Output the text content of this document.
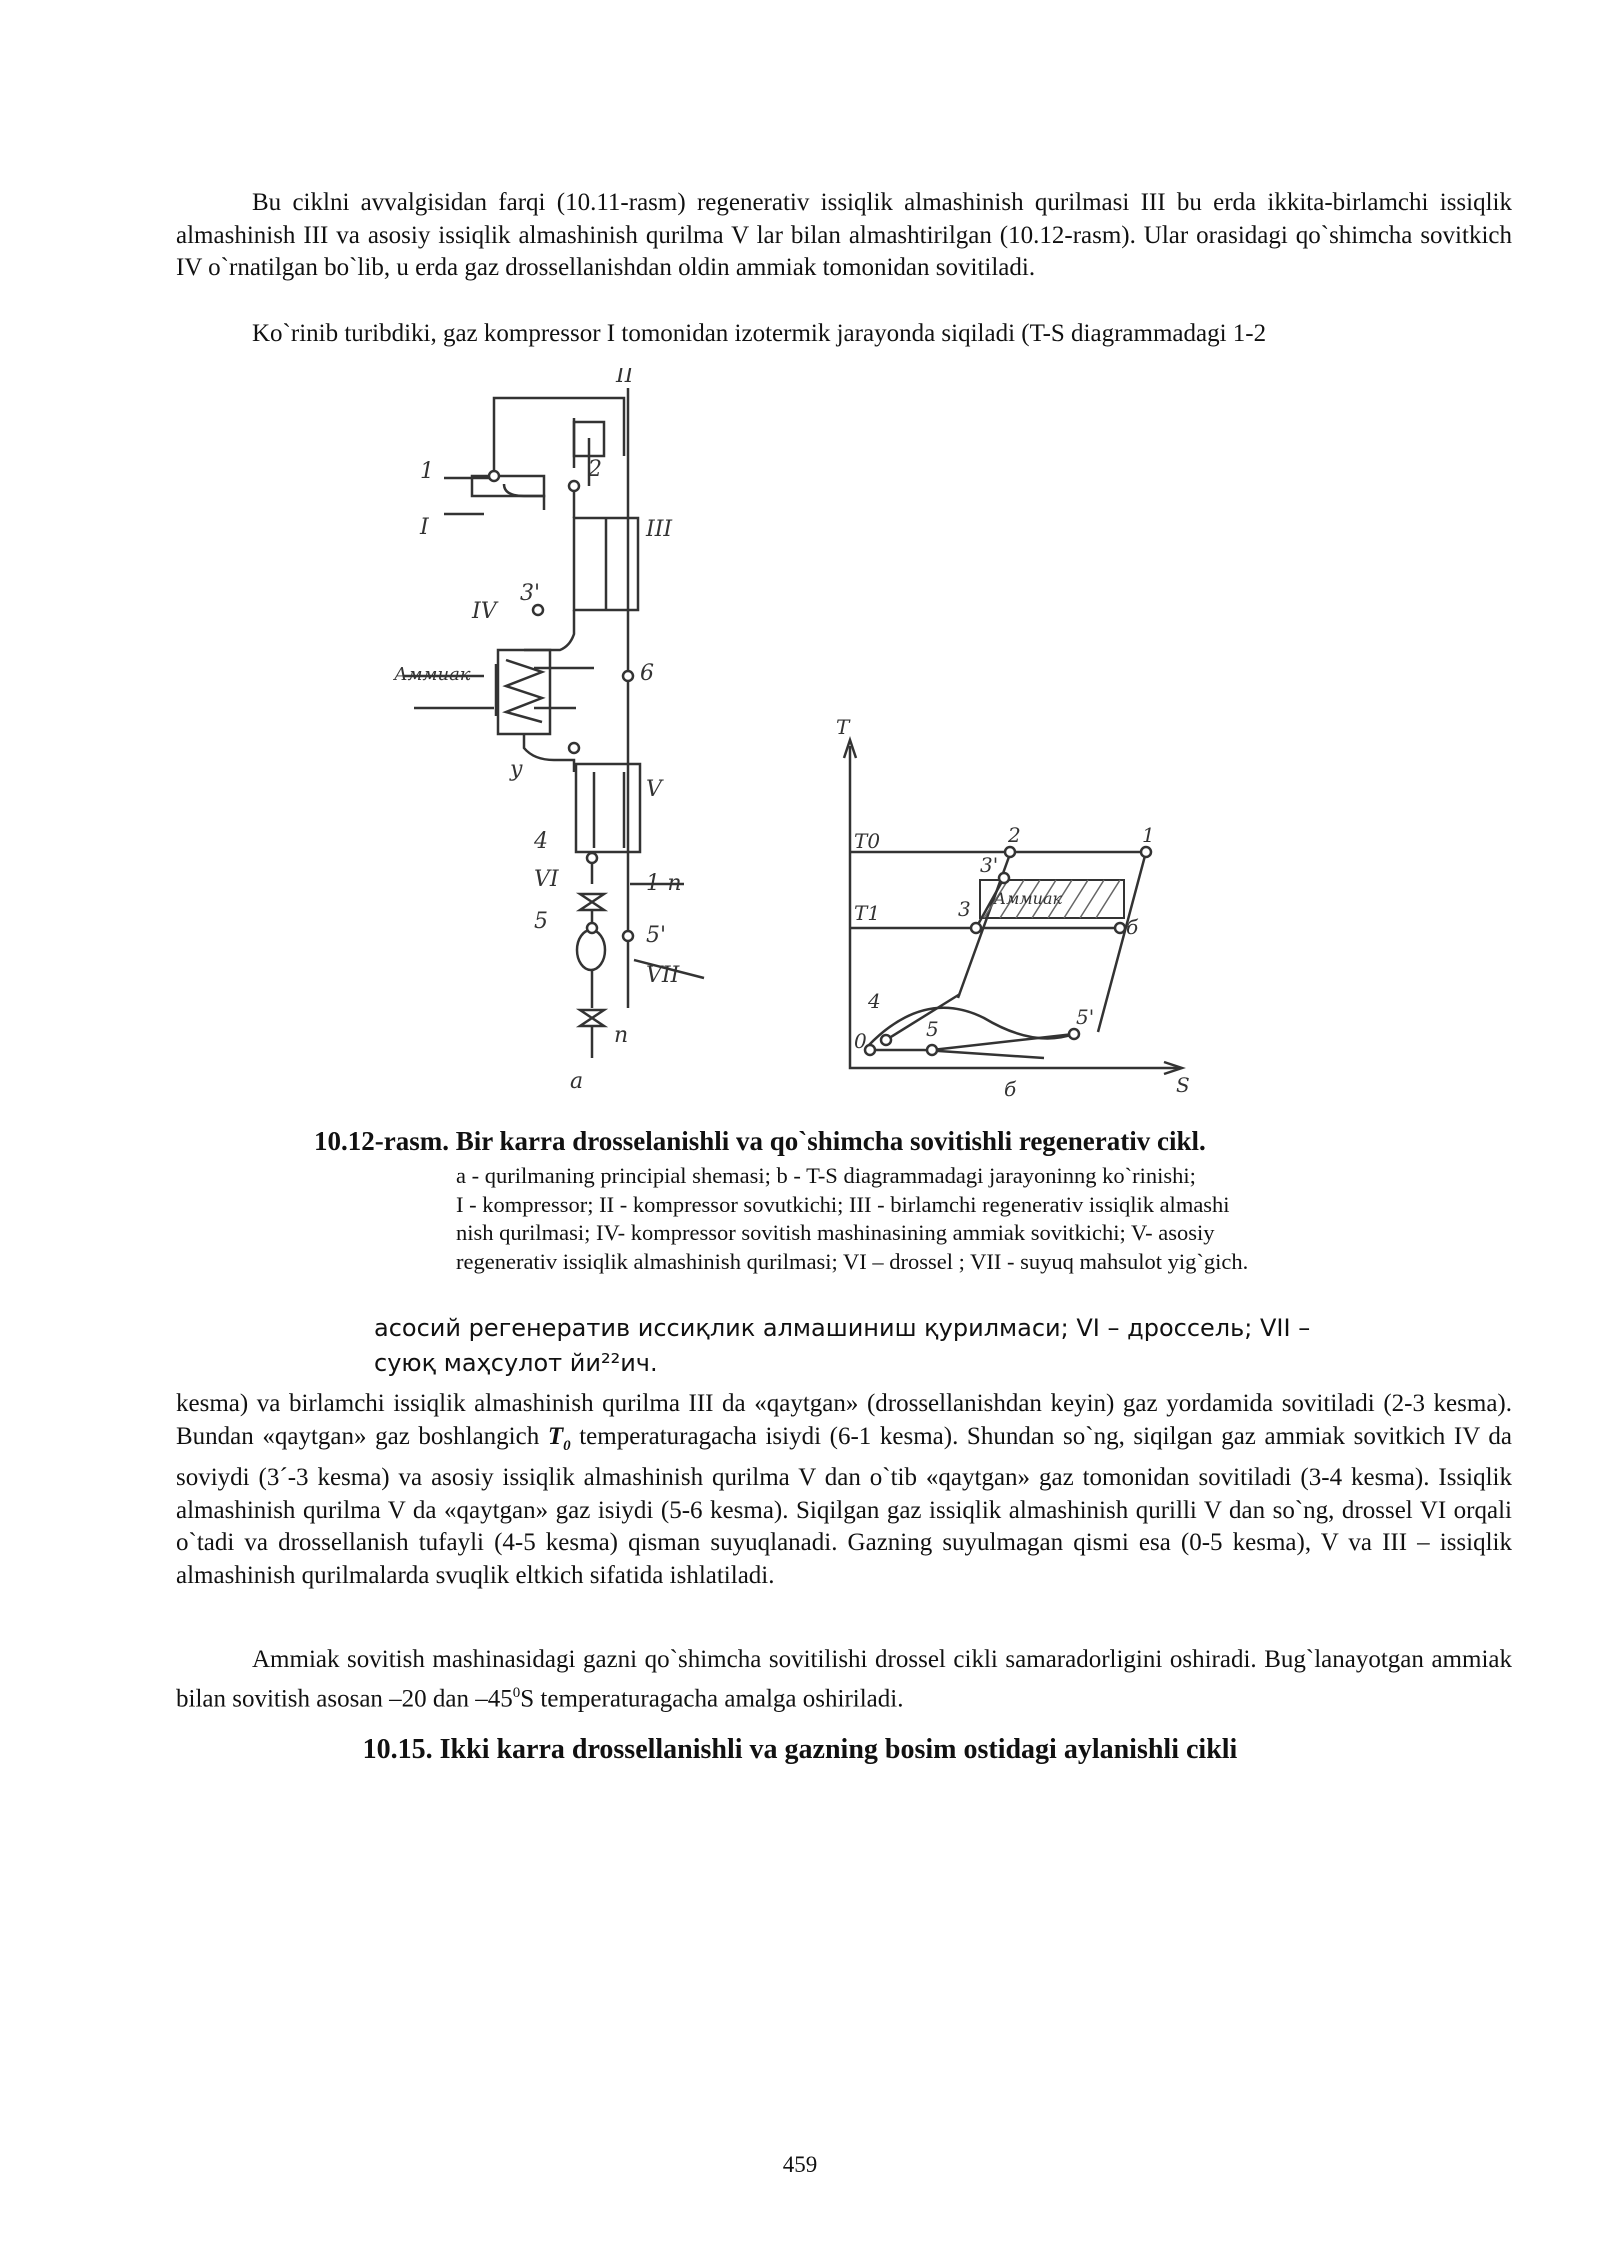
Bu ciklni avvalgisidan farqi (10.11-rasm) regenerativ issiqlik almashinish qurilmasi III bu erda ikkita-birlamchi issiqlik almashinish III va asosiy issiqlik almashinish qurilma V lar bilan almashtirilgan (10.12-rasm). Ular orasidagi qo`shimcha sovitkich IV o`rnatilgan bo`lib, u erda gaz drossellanishdan oldin ammiak tomonidan sovitiladi.

Ko`rinib turibdiki, gaz kompressor I tomonidan izotermik jarayonda siqiladi (T-S diagrammadagi 1-2

II
I
1	2
III
3'
IV
Аммиак	6
у
V
4
VI	1-п
5
5'
VII
п
а
T
S
T0
T1
2	1
3'
3
б
Аммиак
4
5	5'
0
б

10.12-rasm. Bir karra drosselanishli va qo`shimcha sovitishli regenerativ cikl.

a - qurilmaning principial shemasi; b - T-S diagrammadagi jarayoninng ko`rinishi;
I - kompressor; II - kompressor sovutkichi; III - birlamchi regenerativ issiqlik almashi
nish qurilmasi; IV- kompressor sovitish mashinasining ammiak sovitkichi; V- asosiy
regenerativ issiqlik almashinish qurilmasi; VI – drossel ; VII - suyuq mahsulot yig`gich.
асосий регенератив иссиқлик алмашиниш қурилмаси; VI – дроссель; VII –
суюқ маҳсулот йи²²ич.

kesma) va birlamchi issiqlik almashinish qurilma III da «qaytgan» (drossellanishdan keyin) gaz yordamida sovitiladi (2-3 kesma). Bundan «qaytgan» gaz boshlangich $T_0$ temperaturagacha isiydi (6-1 kesma). Shundan so`ng, siqilgan gaz ammiak sovitkich IV da soviydi (3´-3 kesma) va asosiy issiqlik almashinish qurilma V dan o`tib «qaytgan» gaz tomonidan sovitiladi (3-4 kesma). Issiqlik almashinish qurilma V da «qaytgan» gaz isiydi (5-6 kesma). Siqilgan gaz issiqlik almashinish qurilli V dan so`ng, drossel VI orqali o`tadi va drossellanish tufayli (4-5 kesma) qisman suyuqlanadi. Gazning suyulmagan qismi esa (0-5 kesma), V va III – issiqlik almashinish qurilmalarda svuqlik eltkich sifatida ishlatiladi.

Ammiak sovitish mashinasidagi gazni qo`shimcha sovitilishi drossel cikli samaradorligini oshiradi. Bug`lanayotgan ammiak bilan sovitish asosan –20 dan $-45^0S$ temperaturagacha amalga oshiriladi.

10.15. Ikki karra drossellanishli va gazning bosim ostidagi aylanishli cikli

459
